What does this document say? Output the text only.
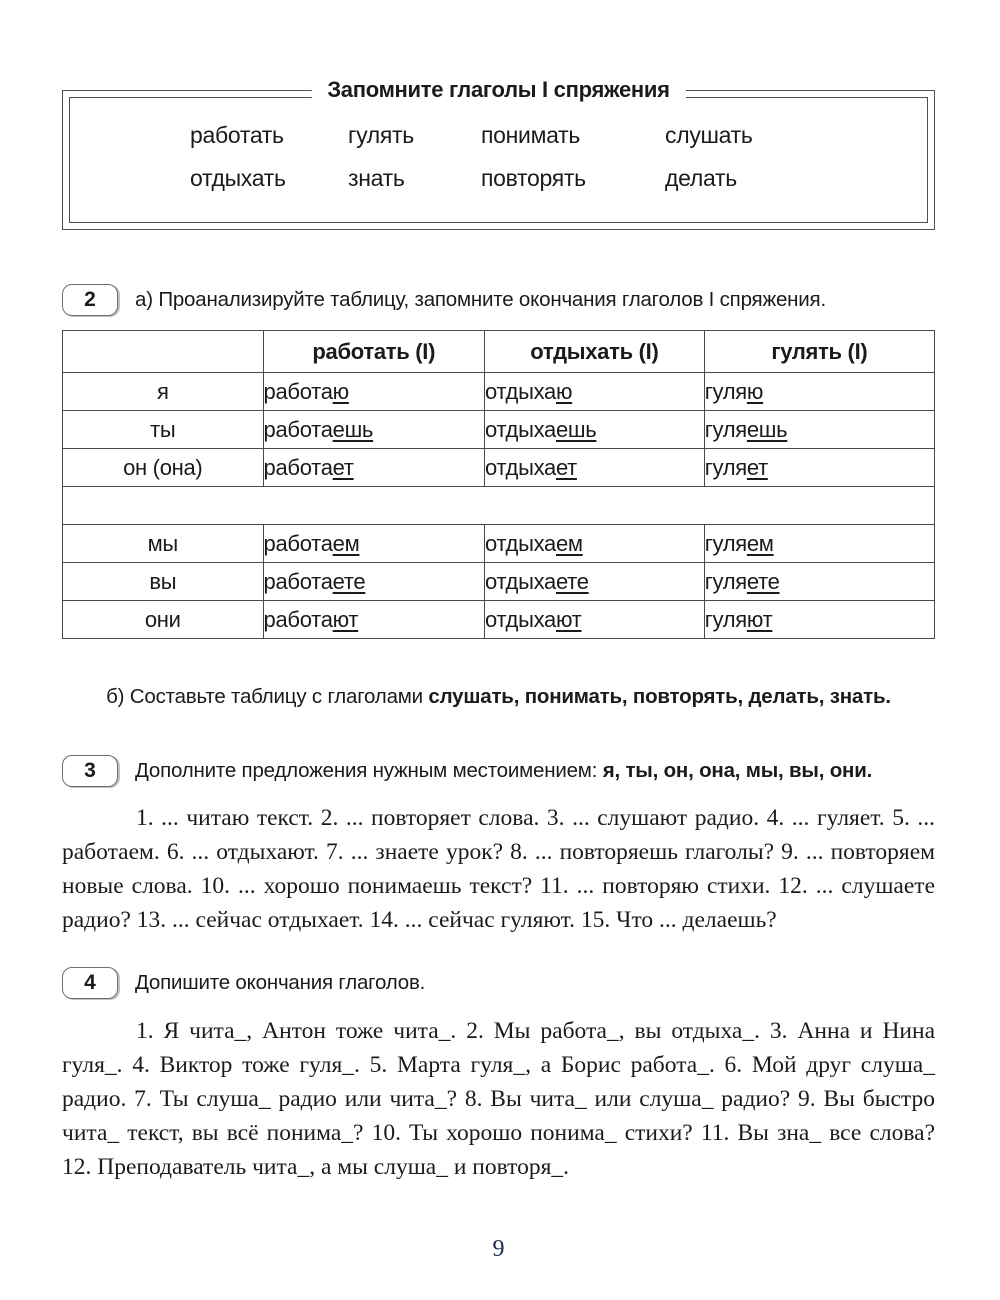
Запомните глаголы I спряжения
работать	гулять	понимать	слушать
отдыхать	знать	повторять	делать
2	а) Проанализируйте таблицу, запомните окончания глаголов I спряжения.
	работать (I)	отдыхать (I)	гулять (I)
я	работаю	отдыхаю	гуляю
ты	работаешь	отдыхаешь	гуляешь
он (она)	работает	отдыхает	гуляет

мы	работаем	отдыхаем	гуляем
вы	работаете	отдыхаете	гуляете
они	работают	отдыхают	гуляют
б) Составьте таблицу с глаголами слушать, понимать, повторять, делать, знать.
3	Дополните предложения нужным местоимением: я, ты, он, она, мы, вы, они.
1. ... читаю текст. 2. ... повторяет слова. 3. ... слушают радио. 4. ... гуляет. 5. ... работаем. 6. ... отдыхают. 7. ... знаете урок? 8. ... повторяешь глаголы? 9. ... повторяем новые слова. 10. ... хорошо понимаешь текст? 11. ... повторяю стихи. 12. ... слушаете радио? 13. ... сейчас отдыхает. 14. ... сейчас гуляют. 15. Что ... делаешь?
4	Допишите окончания глаголов.
1. Я чита_, Антон тоже чита_. 2. Мы работа_, вы отдыха_. 3. Анна и Нина гуля_. 4. Виктор тоже гуля_. 5. Марта гуля_, а Борис работа_. 6. Мой друг слуша_ радио. 7. Ты слуша_ радио или чита_? 8. Вы чита_ или слуша_ радио? 9. Вы быстро чита_ текст, вы всё понима_? 10. Ты хорошо понима_ стихи? 11. Вы зна_ все слова? 12. Преподаватель чита_, а мы слуша_ и повторя_.
9
